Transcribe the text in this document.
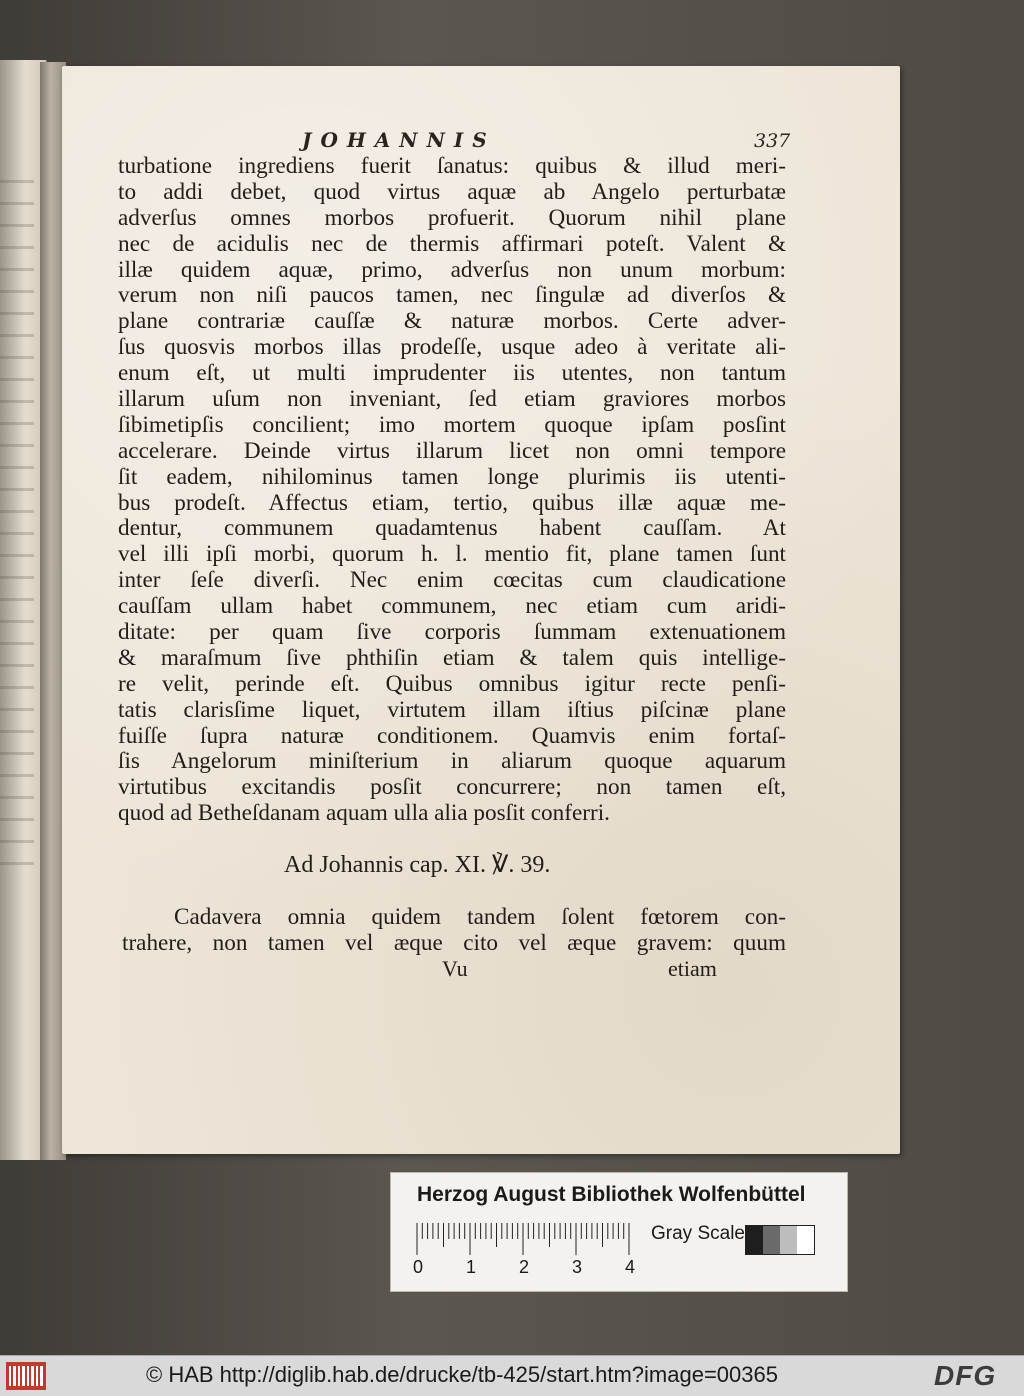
JOHANNIS	337
turbatione ingrediens fuerit ſanatus: quibus & illud meri-
to addi debet, quod virtus aquæ ab Angelo perturbatæ
adverſus omnes morbos profuerit. Quorum nihil plane
nec de acidulis nec de thermis affirmari poteſt. Valent &
illæ quidem aquæ, primo, adverſus non unum morbum:
verum non niſi paucos tamen, nec ſingulæ ad diverſos &
plane contrariæ cauſſæ & naturæ morbos. Certe adver-
ſus quosvis morbos illas prodeſſe, usque adeo à veritate ali-
enum eſt, ut multi imprudenter iis utentes, non tantum
illarum uſum non inveniant, ſed etiam graviores morbos
ſibimetipſis concilient; imo mortem quoque ipſam posſint
accelerare. Deinde virtus illarum licet non omni tempore
ſit eadem, nihilominus tamen longe plurimis iis utenti-
bus prodeſt. Affectus etiam, tertio, quibus illæ aquæ me-
dentur, communem quadamtenus habent cauſſam. At
vel illi ipſi morbi, quorum h. l. mentio fit, plane tamen ſunt
inter ſeſe diverſi. Nec enim cœcitas cum claudicatione
cauſſam ullam habet communem, nec etiam cum aridi-
ditate: per quam ſive corporis ſummam extenuationem
& maraſmum ſive phthiſin etiam & talem quis intellige-
re velit, perinde eſt. Quibus omnibus igitur recte penſi-
tatis clarisſime liquet, virtutem illam iſtius piſcinæ plane
fuiſſe ſupra naturæ conditionem. Quamvis enim fortaſ-
ſis Angelorum miniſterium in aliarum quoque aquarum
virtutibus excitandis posſit concurrere; non tamen eſt,
quod ad Betheſdanam aquam ulla alia posſit conferri.
Ad Johannis cap. XI. ℣. 39.
Cadavera omnia quidem tandem ſolent fœtorem con-
trahere, non tamen vel æque cito vel æque gravem: quum
Vu	etiam
Herzog August Bibliothek Wolfenbüttel
0 1 2 3 4
Gray Scale
© HAB http://diglib.hab.de/drucke/tb-425/start.htm?image=00365	DFG
